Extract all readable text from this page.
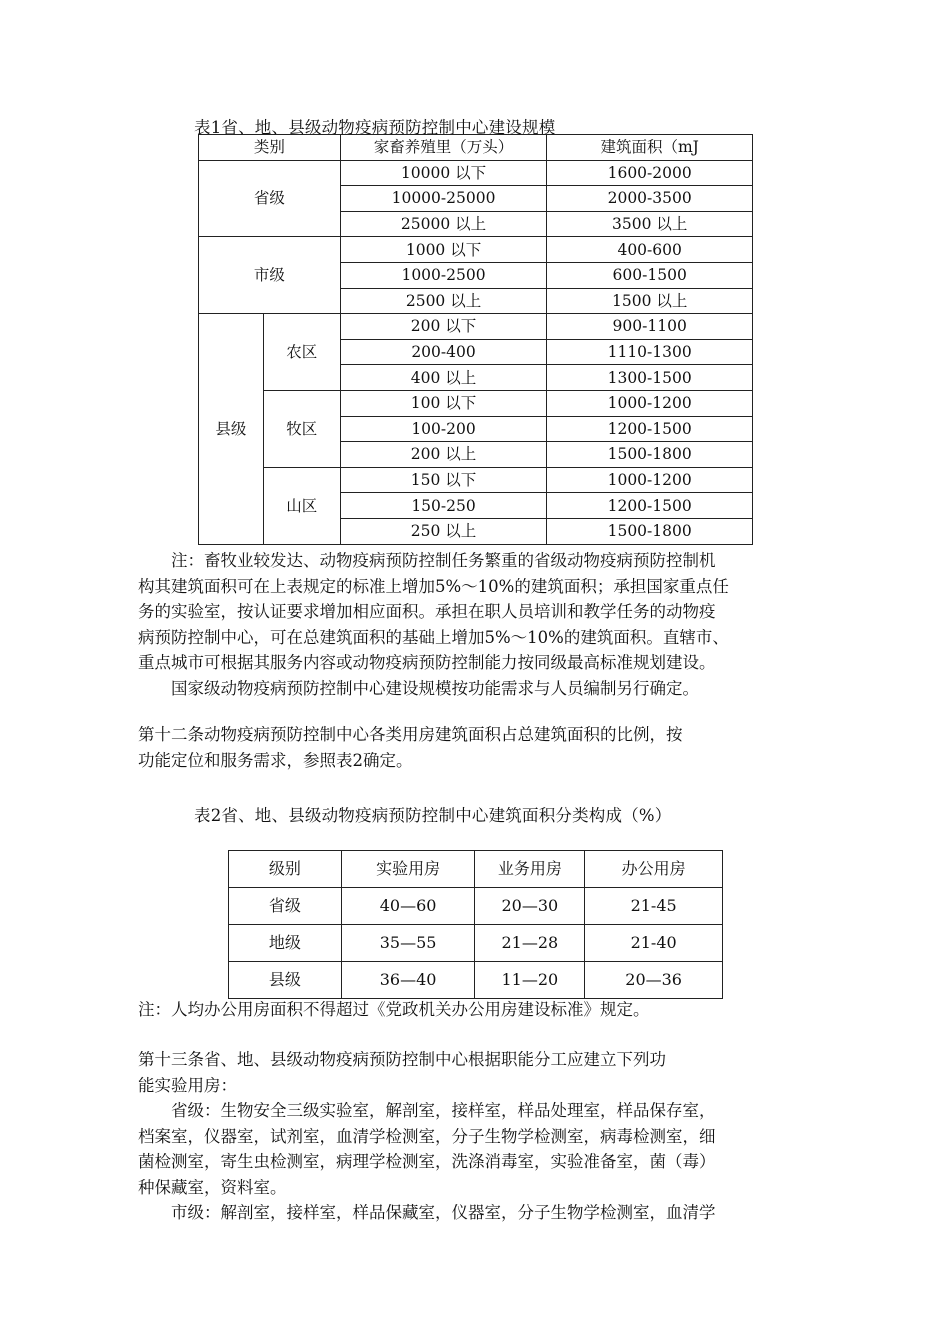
表1省、地、县级动物疫病预防控制中心建设规模
类别		家畜养殖里（万头）	建筑面积（mJ
省级		10000 以下	1600-2000
		10000-25000	2000-3500
		25000 以上	3500 以上
市级		1000 以下	400-600
		1000-2500	600-1500
		2500 以上	1500 以上
县级	农区	200 以下	900-1100
		200-400	1110-1300
		400 以上	1300-1500
	牧区	100 以下	1000-1200
		100-200	1200-1500
		200 以上	1500-1800
	山区	150 以下	1000-1200
		150-250	1200-1500
		250 以上	1500-1800
注：畜牧业较发达、动物疫病预防控制任务繁重的省级动物疫病预防控制机
构其建筑面积可在上表规定的标准上增加5%〜10%的建筑面积；承担国家重点任
务的实验室，按认证要求增加相应面积。承担在职人员培训和教学任务的动物疫
病预防控制中心，可在总建筑面积的基础上增加5%〜10%的建筑面积。直辖市、
重点城市可根据其服务内容或动物疫病预防控制能力按同级最高标准规划建设。
国家级动物疫病预防控制中心建设规模按功能需求与人员编制另行确定。
第十二条动物疫病预防控制中心各类用房建筑面积占总建筑面积的比例，按
功能定位和服务需求，参照表2确定。
表2省、地、县级动物疫病预防控制中心建筑面积分类构成（%）
级别	实验用房	业务用房	办公用房
省级	40—60	20—30	21-45
地级	35—55	21—28	21-40
县级	36—40	11—20	20—36
注：人均办公用房面积不得超过《党政机关办公用房建设标准》规定。
第十三条省、地、县级动物疫病预防控制中心根据职能分工应建立下列功
能实验用房：
省级：生物安全三级实验室，解剖室，接样室，样品处理室，样品保存室，
档案室，仪器室，试剂室，血清学检测室，分子生物学检测室，病毒检测室，细
菌检测室，寄生虫检测室，病理学检测室，洗涤消毒室，实验准备室，菌（毒）
种保藏室，资料室。
市级：解剖室，接样室，样品保藏室，仪器室，分子生物学检测室，血清学
